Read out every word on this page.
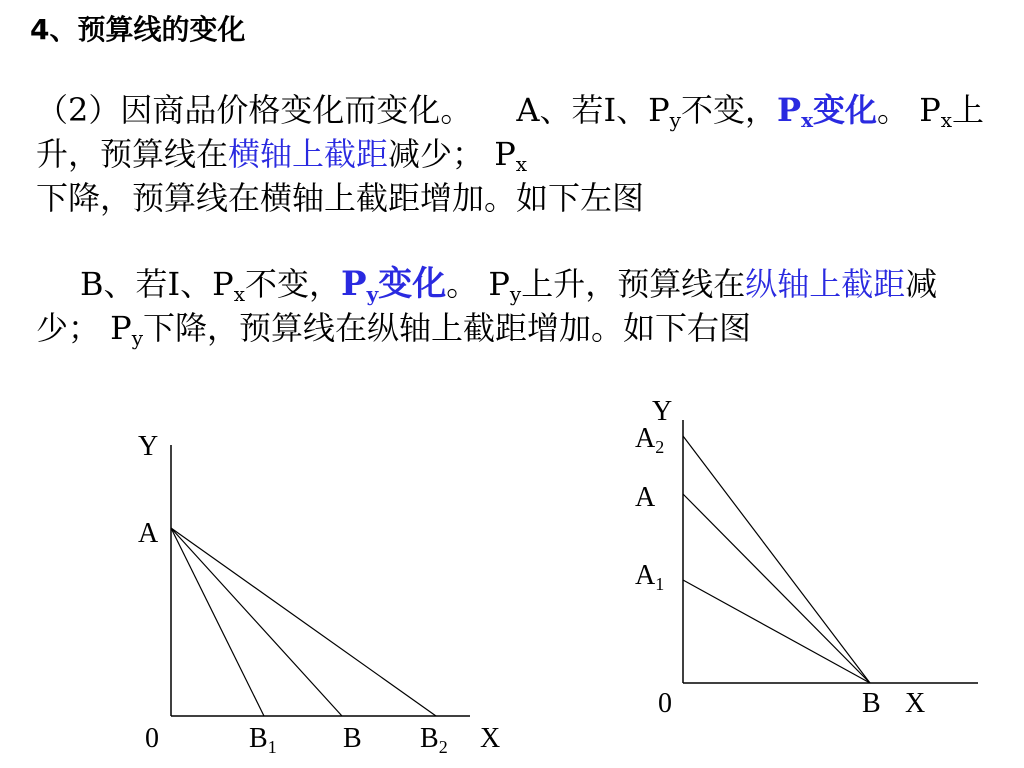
4、预算线的变化
（2）因商品价格变化而变化。 A、若I、$P_y$不变，$P_x$变化。 $P_x$上升，预算线在横轴上截距减少； $P_x$
下降，预算线在横轴上截距增加。如下左图
B、若I、$P_x$不变，$P_y$变化。 $P_y$上升，预算线在纵轴上截距减少； $P_y$下降，预算线在纵轴上截距增加。如下右图
Y
A
0	$B_1$ B $B_2$ X
Y
$A_2$
A
$A_1$
0	B X
